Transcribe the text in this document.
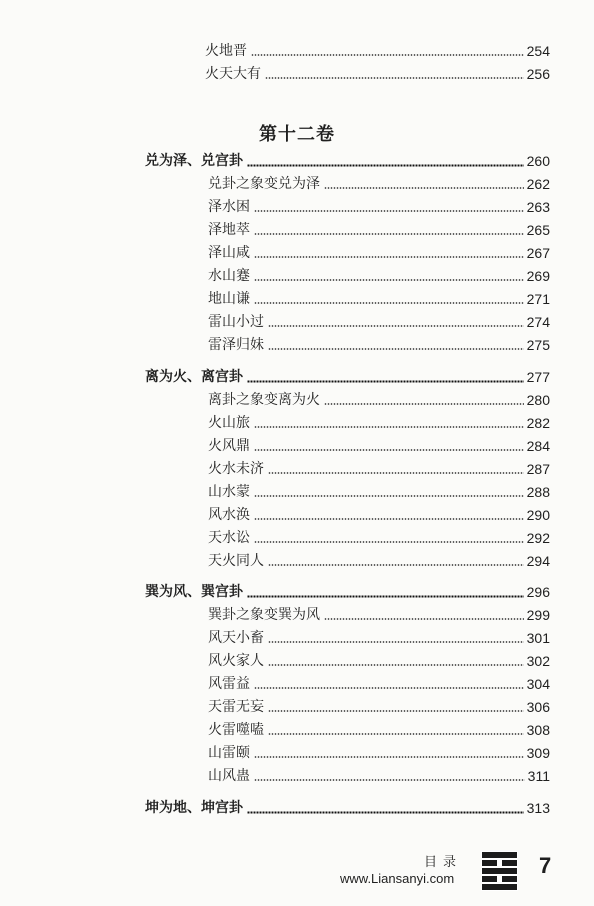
火地晋	254
火天大有	256
第十二卷
兑为泽、兑宫卦	260
兑卦之象变兑为泽	262
泽水困	263
泽地萃	265
泽山咸	267
水山蹇	269
地山谦	271
雷山小过	274
雷泽归妹	275
离为火、离宫卦	277
离卦之象变离为火	280
火山旅	282
火风鼎	284
火水未济	287
山水蒙	288
风水涣	290
天水讼	292
天火同人	294
巽为风、巽宫卦	296
巽卦之象变巽为风	299
风天小畜	301
风火家人	302
风雷益	304
天雷无妄	306
火雷噬嗑	308
山雷颐	309
山风蛊	311
坤为地、坤宫卦	313
目录
www.Liansanyi.com
7
